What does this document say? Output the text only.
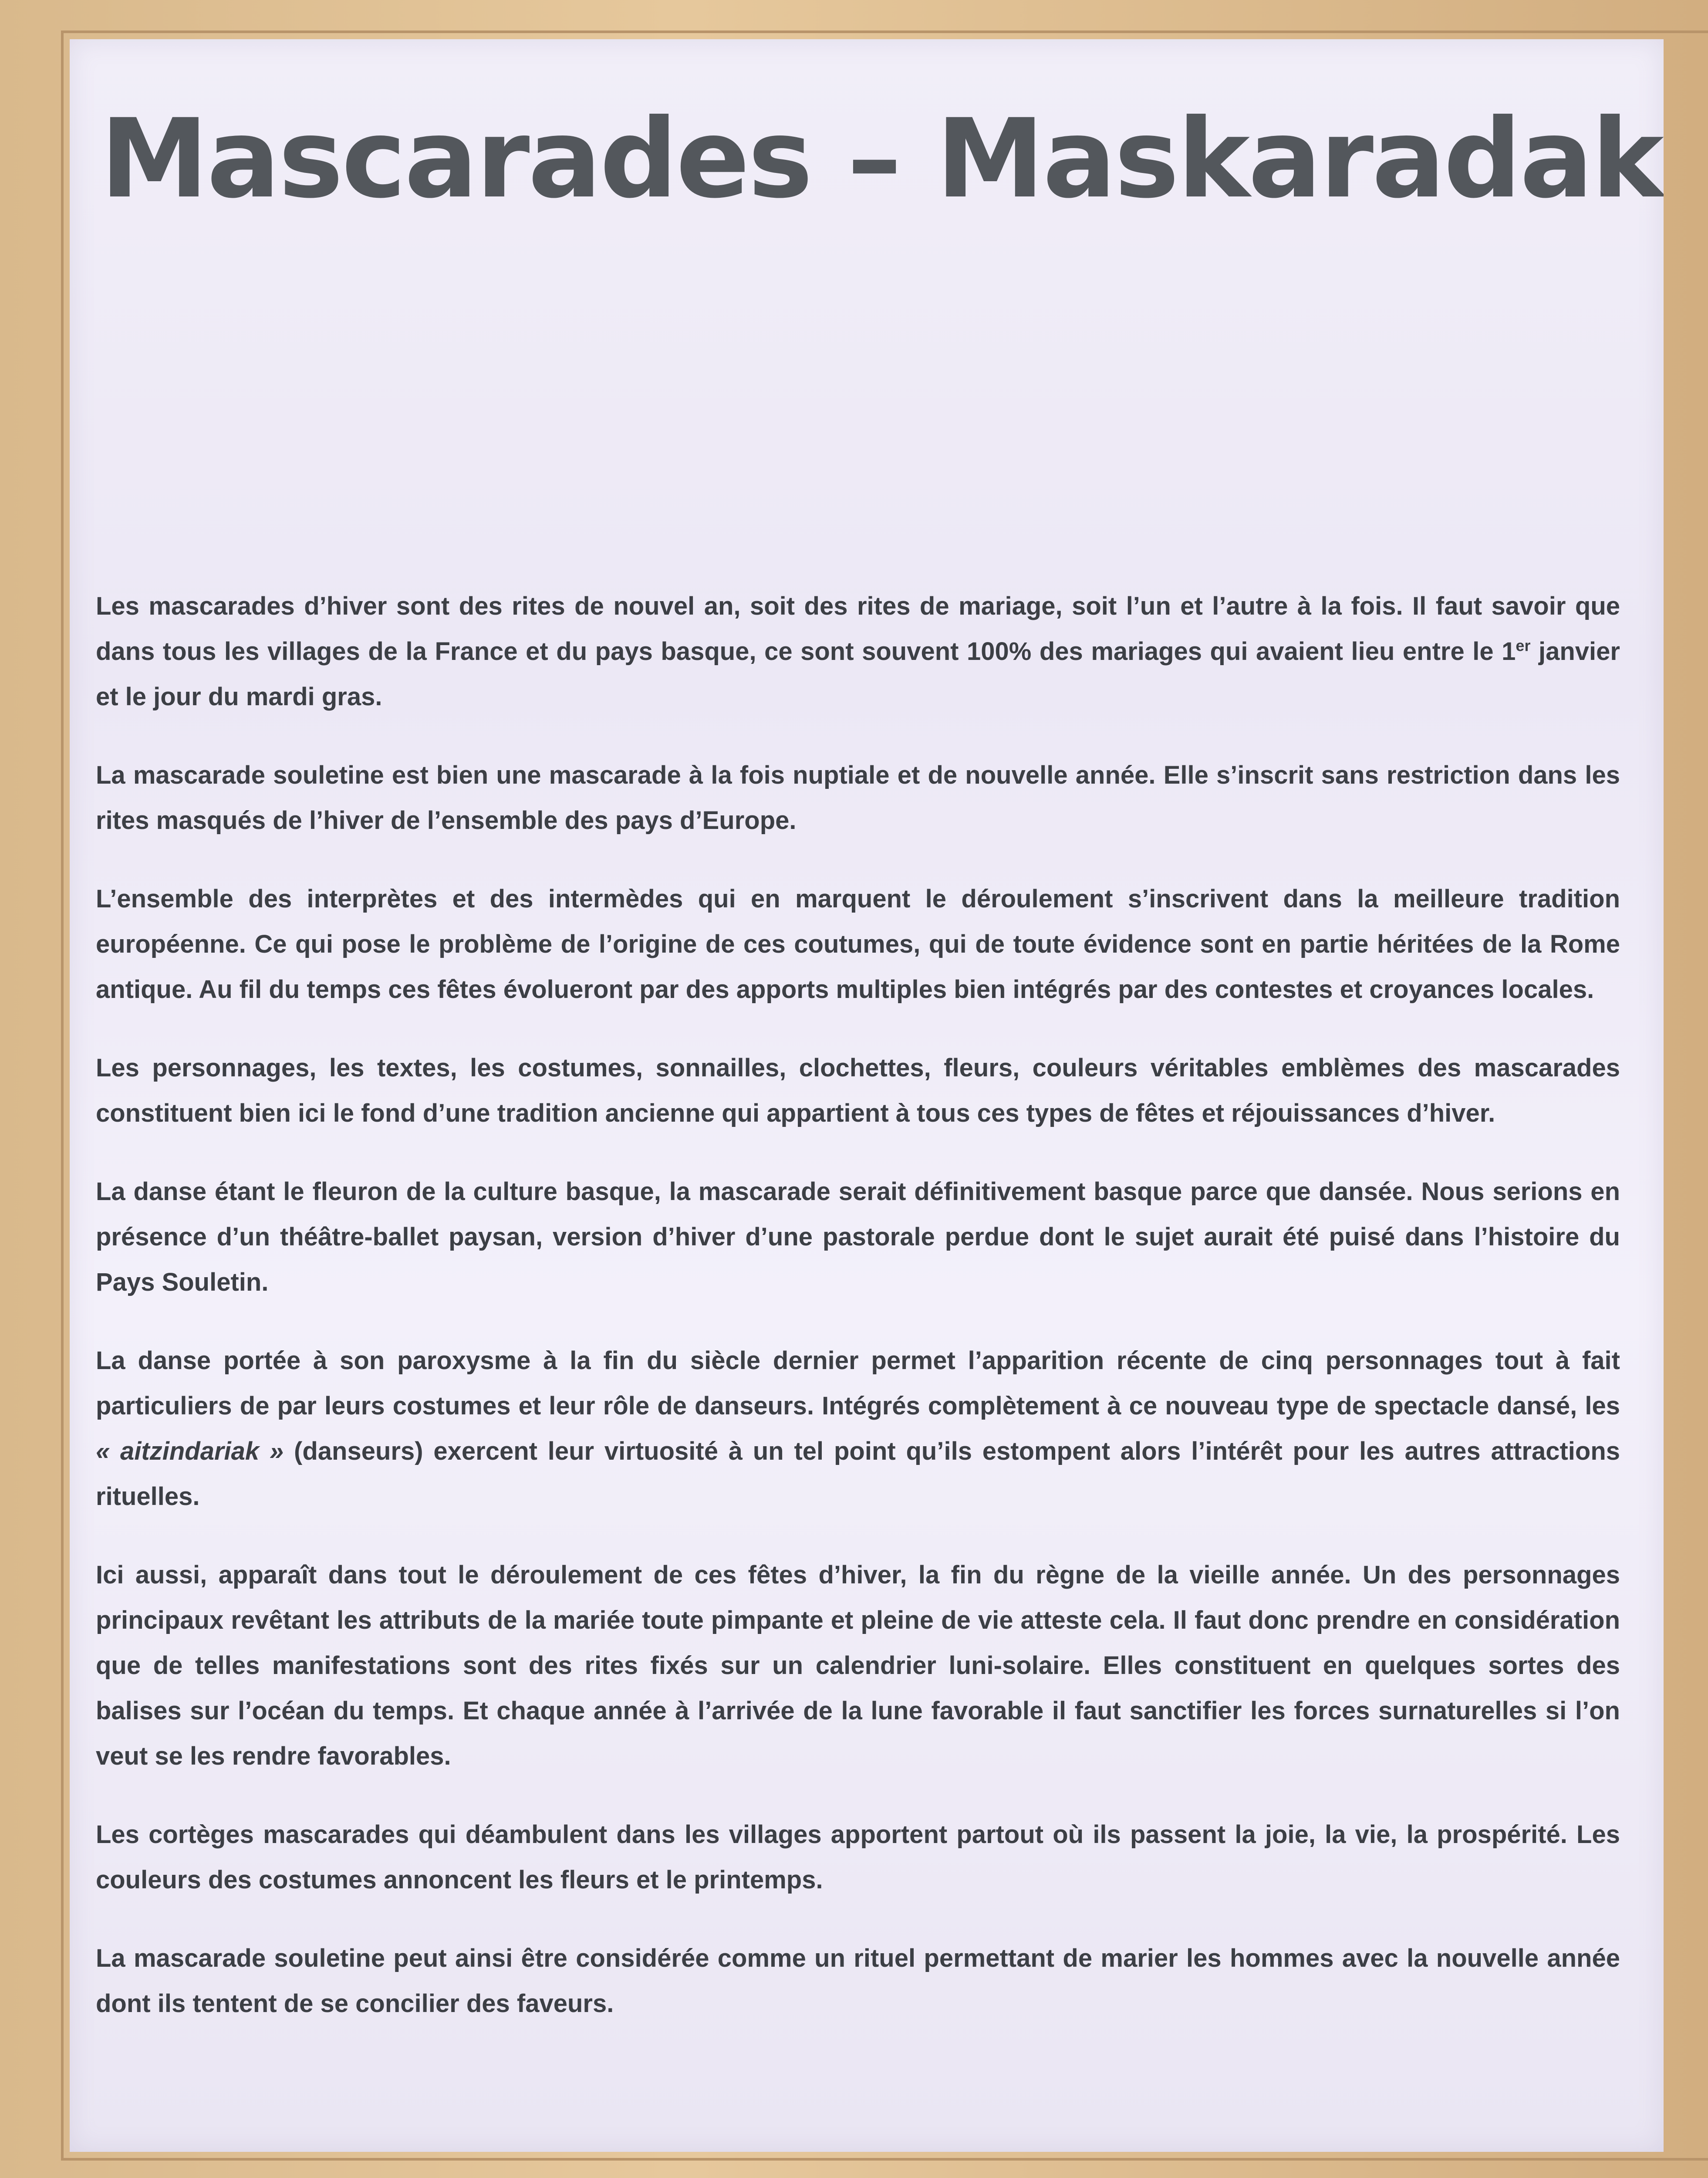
Mascarades – Maskaradak

Les mascarades d’hiver sont des rites de nouvel an, soit des rites de mariage, soit l’un et l’autre à la fois. Il faut savoir que dans tous les villages de la France et du pays basque, ce sont souvent 100% des mariages qui avaient lieu entre le 1er janvier et le jour du mardi gras.

La mascarade souletine est bien une mascarade à la fois nuptiale et de nouvelle année. Elle s’inscrit sans restriction dans les rites masqués de l’hiver de l’ensemble des pays d’Europe.

L’ensemble des interprètes et des intermèdes qui en marquent le déroulement s’inscrivent dans la meilleure tradition européenne. Ce qui pose le problème de l’origine de ces coutumes, qui de toute évidence sont en partie héritées de la Rome antique. Au fil du temps ces fêtes évolueront par des apports multiples bien intégrés par des contestes et croyances locales.

Les personnages, les textes, les costumes, sonnailles, clochettes, fleurs, couleurs véritables emblèmes des mascarades constituent bien ici le fond d’une tradition ancienne qui appartient à tous ces types de fêtes et réjouissances d’hiver.

La danse étant le fleuron de la culture basque, la mascarade serait définitivement basque parce que dansée. Nous serions en présence d’un théâtre-ballet paysan, version d’hiver d’une pastorale perdue dont le sujet aurait été puisé dans l’histoire du Pays Souletin.

La danse portée à son paroxysme à la fin du siècle dernier permet l’apparition récente de cinq personnages tout à fait particuliers de par leurs costumes et leur rôle de danseurs. Intégrés complètement à ce nouveau type de spectacle dansé, les « aitzindariak » (danseurs) exercent leur virtuosité à un tel point qu’ils estompent alors l’intérêt pour les autres attractions rituelles.

Ici aussi, apparaît dans tout le déroulement de ces fêtes d’hiver, la fin du règne de la vieille année. Un des personnages principaux revêtant les attributs de la mariée toute pimpante et pleine de vie atteste cela. Il faut donc prendre en considération que de telles manifestations sont des rites fixés sur un calendrier luni-solaire. Elles constituent en quelques sortes des balises sur l’océan du temps. Et chaque année à l’arrivée de la lune favorable il faut sanctifier les forces surnaturelles si l’on veut se les rendre favorables.

Les cortèges mascarades qui déambulent dans les villages apportent partout où ils passent la joie, la vie, la prospérité. Les couleurs des costumes annoncent les fleurs et le printemps.

La mascarade souletine peut ainsi être considérée comme un rituel permettant de marier les hommes avec la nouvelle année dont ils tentent de se concilier des faveurs.
